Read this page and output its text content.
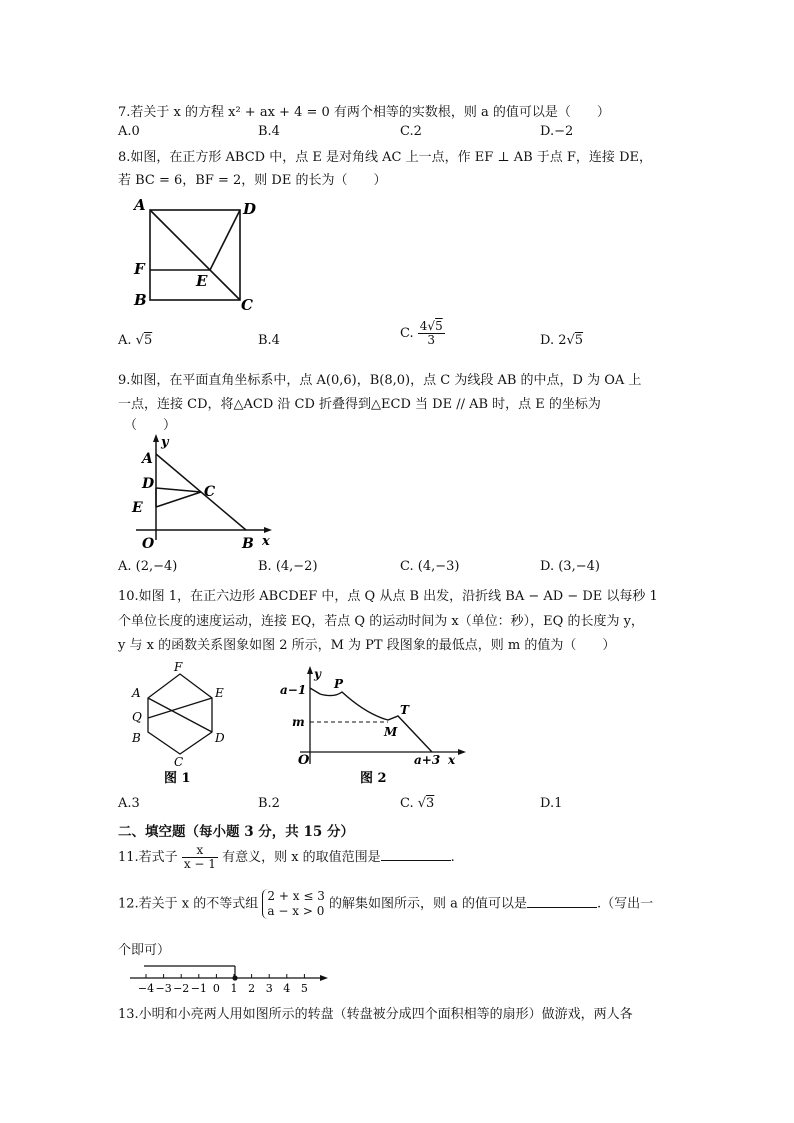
7.若关于 x 的方程 x² + ax + 4 = 0 有两个相等的实数根，则 a 的值可以是（　　）
A.0	B.4	C.2	D.−2
8.如图，在正方形 ABCD 中，点 E 是对角线 AC 上一点，作 EF ⊥ AB 于点 F，连接 DE，
若 BC = 6，BF = 2，则 DE 的长为（　　）
A	D
F
E
B	C
A. √5	B.4	C. $\frac{4√5}{3}$	D. 2√5
9.如图，在平面直角坐标系中，点 A(0,6)，B(8,0)，点 C 为线段 AB 的中点，D 为 OA 上
一点，连接 CD，将△ACD 沿 CD 折叠得到△ECD 当 DE // AB 时，点 E 的坐标为
（　　）
y
A
D	C
E
O	B x
A. (2,−4)	B. (4,−2)	C. (4,−3)	D. (3,−4)
10.如图 1，在正六边形 ABCDEF 中，点 Q 从点 B 出发，沿折线 BA − AD − DE 以每秒 1
个单位长度的速度运动，连接 EQ，若点 Q 的运动时间为 x（单位：秒），EQ 的长度为 y，
y 与 x 的函数关系图象如图 2 所示，M 为 PT 段图象的最低点，则 m 的值为（　　）
A
F
E
Q
B	D
C
图 1
y
a−1 P
T
m
M
O	a+3 x
图 2
A.3	B.2	C. √3	D.1
二、填空题（每小题 3 分，共 15 分）
11.若式子 $\frac{x}{x - 1}$ 有意义，则 x 的取值范围是	.
12.若关于 x 的不等式组
2 + x ≤ 3
a − x > 0 的解集如图所示，则 a 的值可以是	.（写出一
个即可）
−4 −3 −2 −1 0 1 2 3 4 5
13.小明和小亮两人用如图所示的转盘（转盘被分成四个面积相等的扇形）做游戏，两人各
